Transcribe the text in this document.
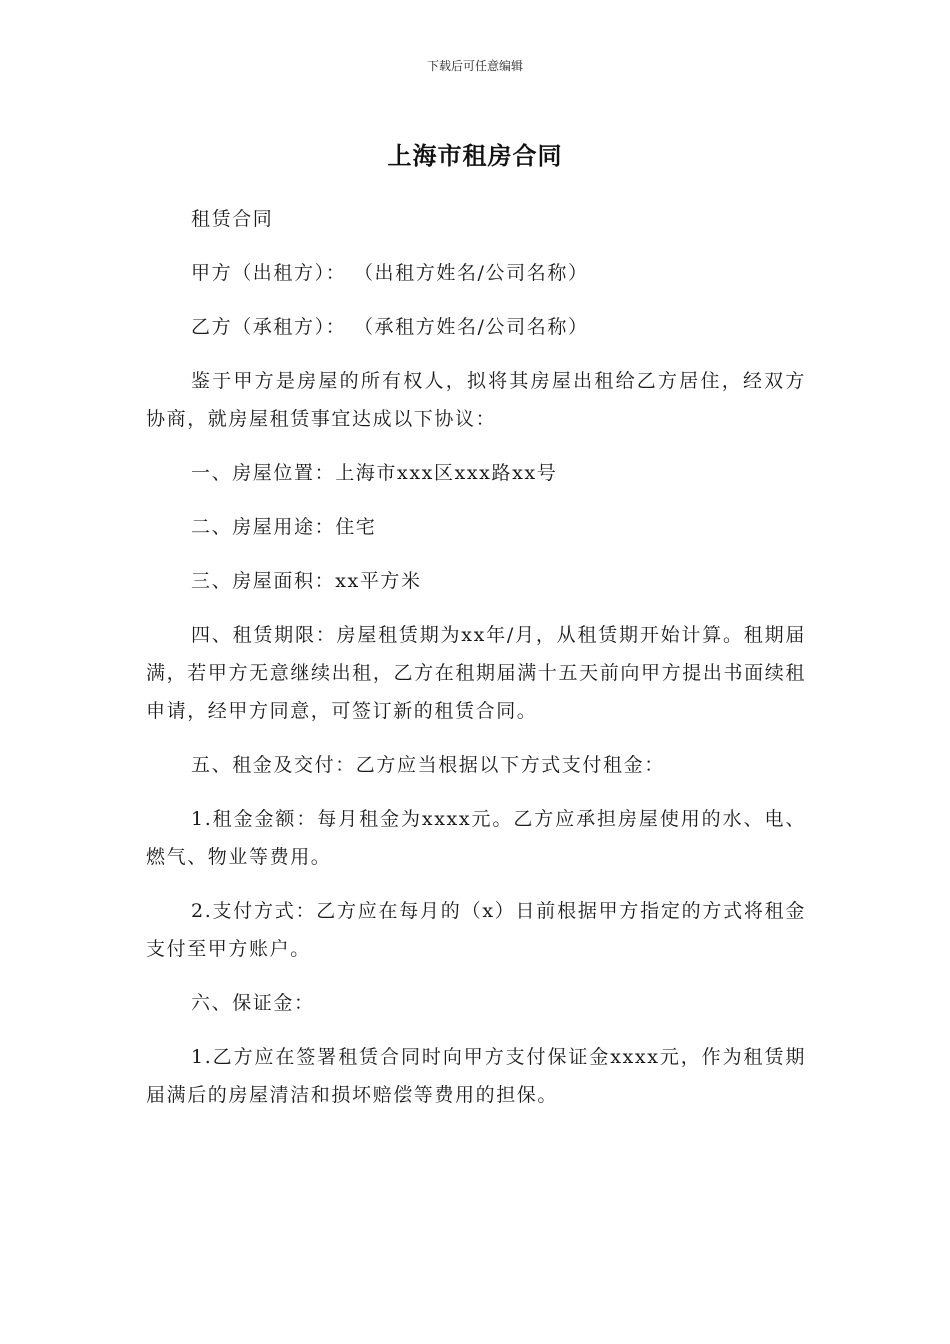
下载后可任意编辑
上海市租房合同

租赁合同

甲方（出租方）： （出租方姓名/公司名称）

乙方（承租方）： （承租方姓名/公司名称）

鉴于甲方是房屋的所有权人，拟将其房屋出租给乙方居住，经双方协商，就房屋租赁事宜达成以下协议：

一、房屋位置：上海市xxx区xxx路xx号

二、房屋用途：住宅

三、房屋面积：xx平方米

四、租赁期限：房屋租赁期为xx年/月，从租赁期开始计算。租期届满，若甲方无意继续出租，乙方在租期届满十五天前向甲方提出书面续租申请，经甲方同意，可签订新的租赁合同。

五、租金及交付：乙方应当根据以下方式支付租金：

1.租金金额：每月租金为xxxx元。乙方应承担房屋使用的水、电、燃气、物业等费用。

2.支付方式：乙方应在每月的（x）日前根据甲方指定的方式将租金支付至甲方账户。

六、保证金：

1.乙方应在签署租赁合同时向甲方支付保证金xxxx元，作为租赁期届满后的房屋清洁和损坏赔偿等费用的担保。
